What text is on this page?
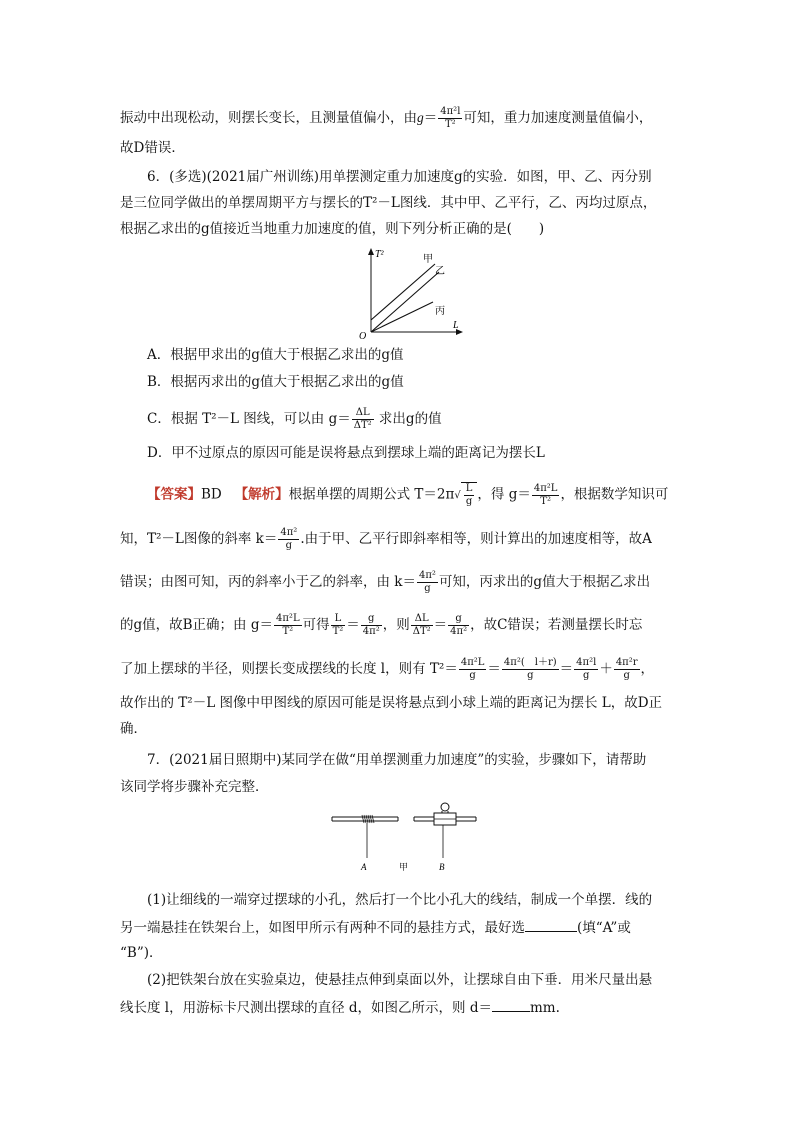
振动中出现松动，则摆长变长，且测量值偏小，由$g= \frac{\text{4π²l}}{\text{T²}}$ 可知，重力加速度测量值偏小，
故D错误．
6．(多选)(2021届广州训练)用单摆测定重力加速度g的实验．如图，甲、乙、丙分别
是三位同学做出的单摆周期平方与摆长的T²－L图线．其中甲、乙平行，乙、丙均过原点，
根据乙求出的g值接近当地重力加速度的值，则下列分析正确的是(　　)
T²
L
O
甲
乙
丙
A．根据甲求出的g值大于根据乙求出的g值
B．根据丙求出的g值大于根据乙求出的g值
C．根据 T²－L 图线，可以由 $g= \frac{\Delta L}{\text{ΔT²}}$ 求出g的值
D．甲不过原点的原因可能是误将悬点到摆球上端的距离记为摆长L
【答案】BD 【解析】根据单摆的周期公式 $T=2\pi√ \frac{L}{g}$ ，得 $g= \frac{\text{4π²L}}{\text{T²}}$ ，根据数学知识可
知，T²－L图像的斜率 $k= \frac{\text{4π²}}{g}$ .由于甲、乙平行即斜率相等，则计算出的加速度相等，故A
错误；由图可知，丙的斜率小于乙的斜率，由 $k= \frac{\text{4π²}}{g}$ 可知，丙求出的g值大于根据乙求出
的g值，故B正确；由 $g= \frac{\text{4π²L}}{\text{T²}}$ 可得 $\frac{L}{\text{T²}} = \frac{g}{\text{4π²}}$ ，则 $\frac{\Delta L}{\text{ΔT²}} = \frac{g}{\text{4π²}}$ ，故C错误；若测量摆长时忘
了加上摆球的半径，则摆长变成摆线的长度 l，则有 $T^2= \frac{\text{4π²L}}{g} = \frac{\text{4π²(　l＋r)}}{g} = \frac{\text{4π²l}}{g} + \frac{\text{4π²r}}{g}$ ，
故作出的 T²－L 图像中甲图线的原因可能是误将悬点到小球上端的距离记为摆长 L，故D正
确．
7．(2021届日照期中)某同学在做“用单摆测重力加速度”的实验，步骤如下，请帮助
该同学将步骤补充完整．
A	甲	B
(1)让细线的一端穿过摆球的小孔，然后打一个比小孔大的线结，制成一个单摆．线的
另一端悬挂在铁架台上，如图甲所示有两种不同的悬挂方式，最好选	(填“A”或
“B”)．
(2)把铁架台放在实验桌边，使悬挂点伸到桌面以外，让摆球自由下垂．用米尺量出悬
线长度 l，用游标卡尺测出摆球的直径 d，如图乙所示，则 d＝	mm.
